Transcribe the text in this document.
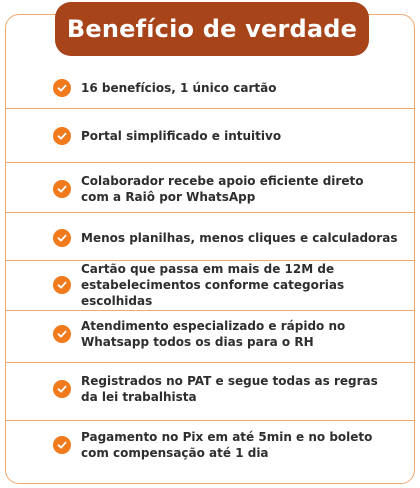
Benefício de verdade
16 benefícios, 1 único cartão
Portal simplificado e intuitivo
Colaborador recebe apoio eficiente direto
com a Raiô por WhatsApp
Menos planilhas, menos cliques e calculadoras
Cartão que passa em mais de 12M de
estabelecimentos conforme categorias escolhidas
Atendimento especializado e rápido no
Whatsapp todos os dias para o RH
Registrados no PAT e segue todas as regras
da lei trabalhista
Pagamento no Pix em até 5min e no boleto
com compensação até 1 dia
